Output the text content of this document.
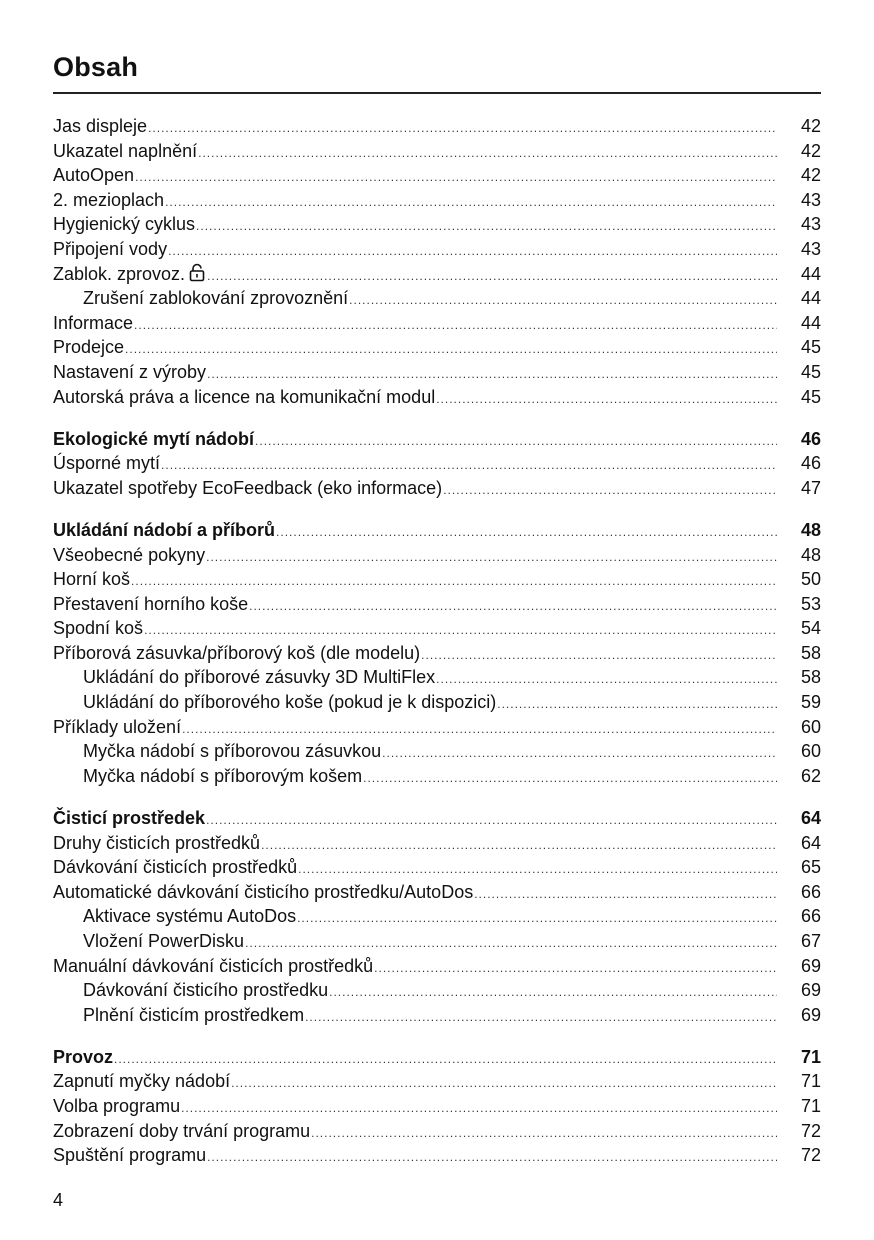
Obsah
Jas displeje .....	42
Ukazatel naplnění .....	42
AutoOpen .....	42
2. mezioplach .....	43
Hygienický cyklus .....	43
Připojení vody .....	43
Zablok. zprovoz. .....	44
Zrušení zablokování zprovoznění .....	44
Informace .....	44
Prodejce .....	45
Nastavení z výroby .....	45
Autorská práva a licence na komunikační modul .....	45
Ekologické mytí nádobí .....	46
Úsporné mytí .....	46
Ukazatel spotřeby EcoFeedback (eko informace) .....	47
Ukládání nádobí a příborů .....	48
Všeobecné pokyny .....	48
Horní koš .....	50
Přestavení horního koše .....	53
Spodní koš .....	54
Příborová zásuvka/příborový koš (dle modelu) .....	58
Ukládání do příborové zásuvky 3D MultiFlex .....	58
Ukládání do příborového koše (pokud je k dispozici) .....	59
Příklady uložení .....	60
Myčka nádobí s příborovou zásuvkou .....	60
Myčka nádobí s příborovým košem .....	62
Čisticí prostředek .....	64
Druhy čisticích prostředků .....	64
Dávkování čisticích prostředků .....	65
Automatické dávkování čisticího prostředku/AutoDos .....	66
Aktivace systému AutoDos .....	66
Vložení PowerDisku .....	67
Manuální dávkování čisticích prostředků .....	69
Dávkování čisticího prostředku .....	69
Plnění čisticím prostředkem .....	69
Provoz .....	71
Zapnutí myčky nádobí .....	71
Volba programu .....	71
Zobrazení doby trvání programu .....	72
Spuštění programu .....	72
4
